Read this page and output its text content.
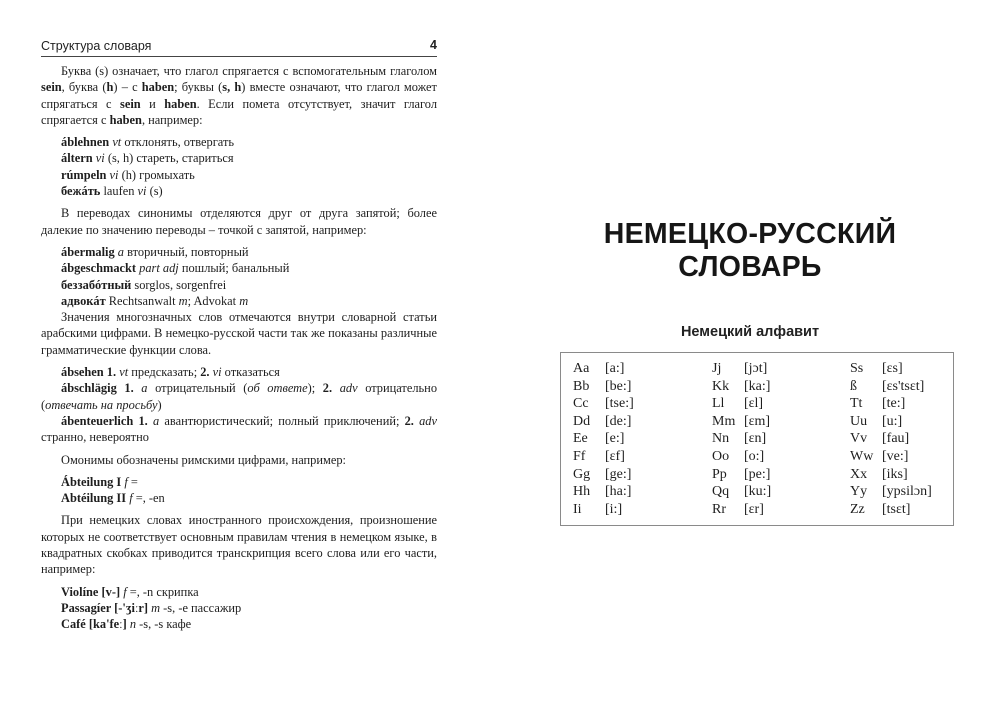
Структура словаря	4

Буква (s) означает, что глагол спрягается с вспомогательным глаголом sein, буква (h) – с haben; буквы (s, h) вместе означают, что глагол может спрягаться с sein и haben. Если помета отсутствует, значит глагол спрягается с haben, например:

áblehnen vt отклонять, отвергать

áltern vi (s, h) стареть, стариться

rúmpeln vi (h) громыхать

бежáть laufen vi (s)

В переводах синонимы отделяются друг от друга запятой; более далекие по значению переводы – точкой с запятой, например:

ábermalig a вторичный, повторный

ábgeschmackt part adj пошлый; банальный

беззабóтный sorglos, sorgenfrei

адвокáт Rechtsanwalt m; Advokat m

Значения многозначных слов отмечаются внутри словарной статьи арабскими цифрами. В немецко-русской части так же показаны различные грамматические функции слова.

ábsehen 1. vt предсказать; 2. vi отказаться

ábschlägig 1. a отрицательный (об ответе); 2. adv отрицательно (отвечать на просьбу)

ábenteuerlich 1. a авантюристический; полный приключений; 2. adv странно, невероятно

Омонимы обозначены римскими цифрами, например:

Ábteilung I f =

Abtéilung II f =, -en

При немецких словах иностранного происхождения, произношение которых не соответствует основным правилам чтения в немецком языке, в квадратных скобках приводится транскрипция всего слова или его части, например:

Violíne [v-] f =, -n скрипка

Passagíer [-'ʒiːr] m -s, -e пассажир

Café [ka'feː] n -s, -s кафе

НЕМЕЦКО-РУССКИЙ
СЛОВАРЬ
Немецкий алфавит
Aa [a:]
Bb [be:]
Cc [tse:]
Dd [de:]
Ee [e:]
Ff [ɛf]
Gg [ge:]
Hh [ha:]
Ii [i:]
Jj [jɔt]
Kk [ka:]
Ll [ɛl]
Mm [ɛm]
Nn [ɛn]
Oo [o:]
Pp [pe:]
Qq [ku:]
Rr [ɛr]
Ss [ɛs]
ß [ɛs'tsɛt]
Tt [te:]
Uu [u:]
Vv [fau]
Ww [ve:]
Xx [iks]
Yy [ypsilɔn]
Zz [tsɛt]
